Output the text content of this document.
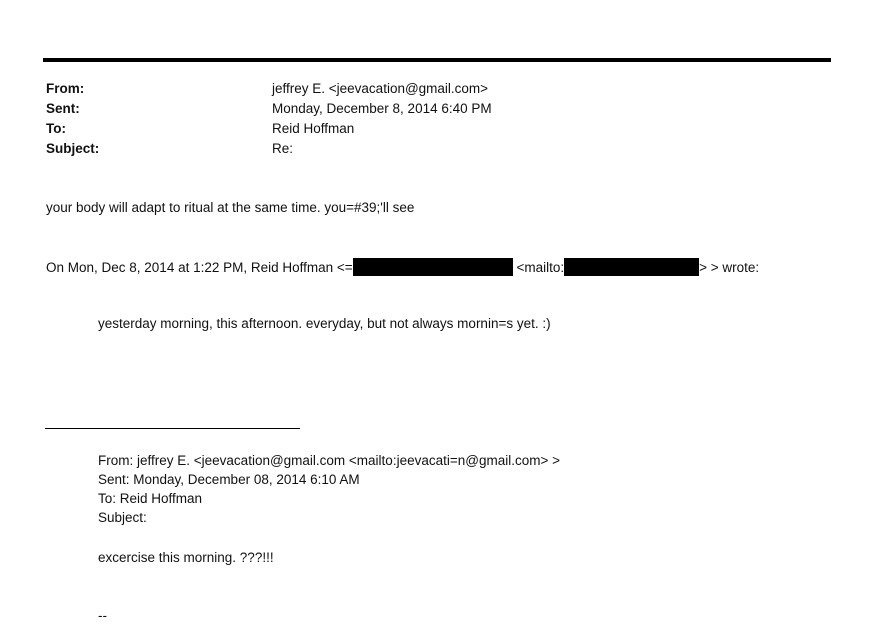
From:	jeffrey E. <jeevacation@gmail.com>
Sent:	Monday, December 8, 2014 6:40 PM
To:	Reid Hoffman
Subject:	Re:
your body will adapt to ritual at the same time. you=#39;'ll see
On Mon, Dec 8, 2014 at 1:22 PM, Reid Hoffman <=	<mailto:	> > wrote:
yesterday morning, this afternoon. everyday, but not always mornin=s yet. :)
From: jeffrey E. <jeevacation@gmail.com <mailto:jeevacati=n@gmail.com> >
Sent: Monday, December 08, 2014 6:10 AM
To: Reid Hoffman
Subject:
excercise this morning. ???!!!
--
